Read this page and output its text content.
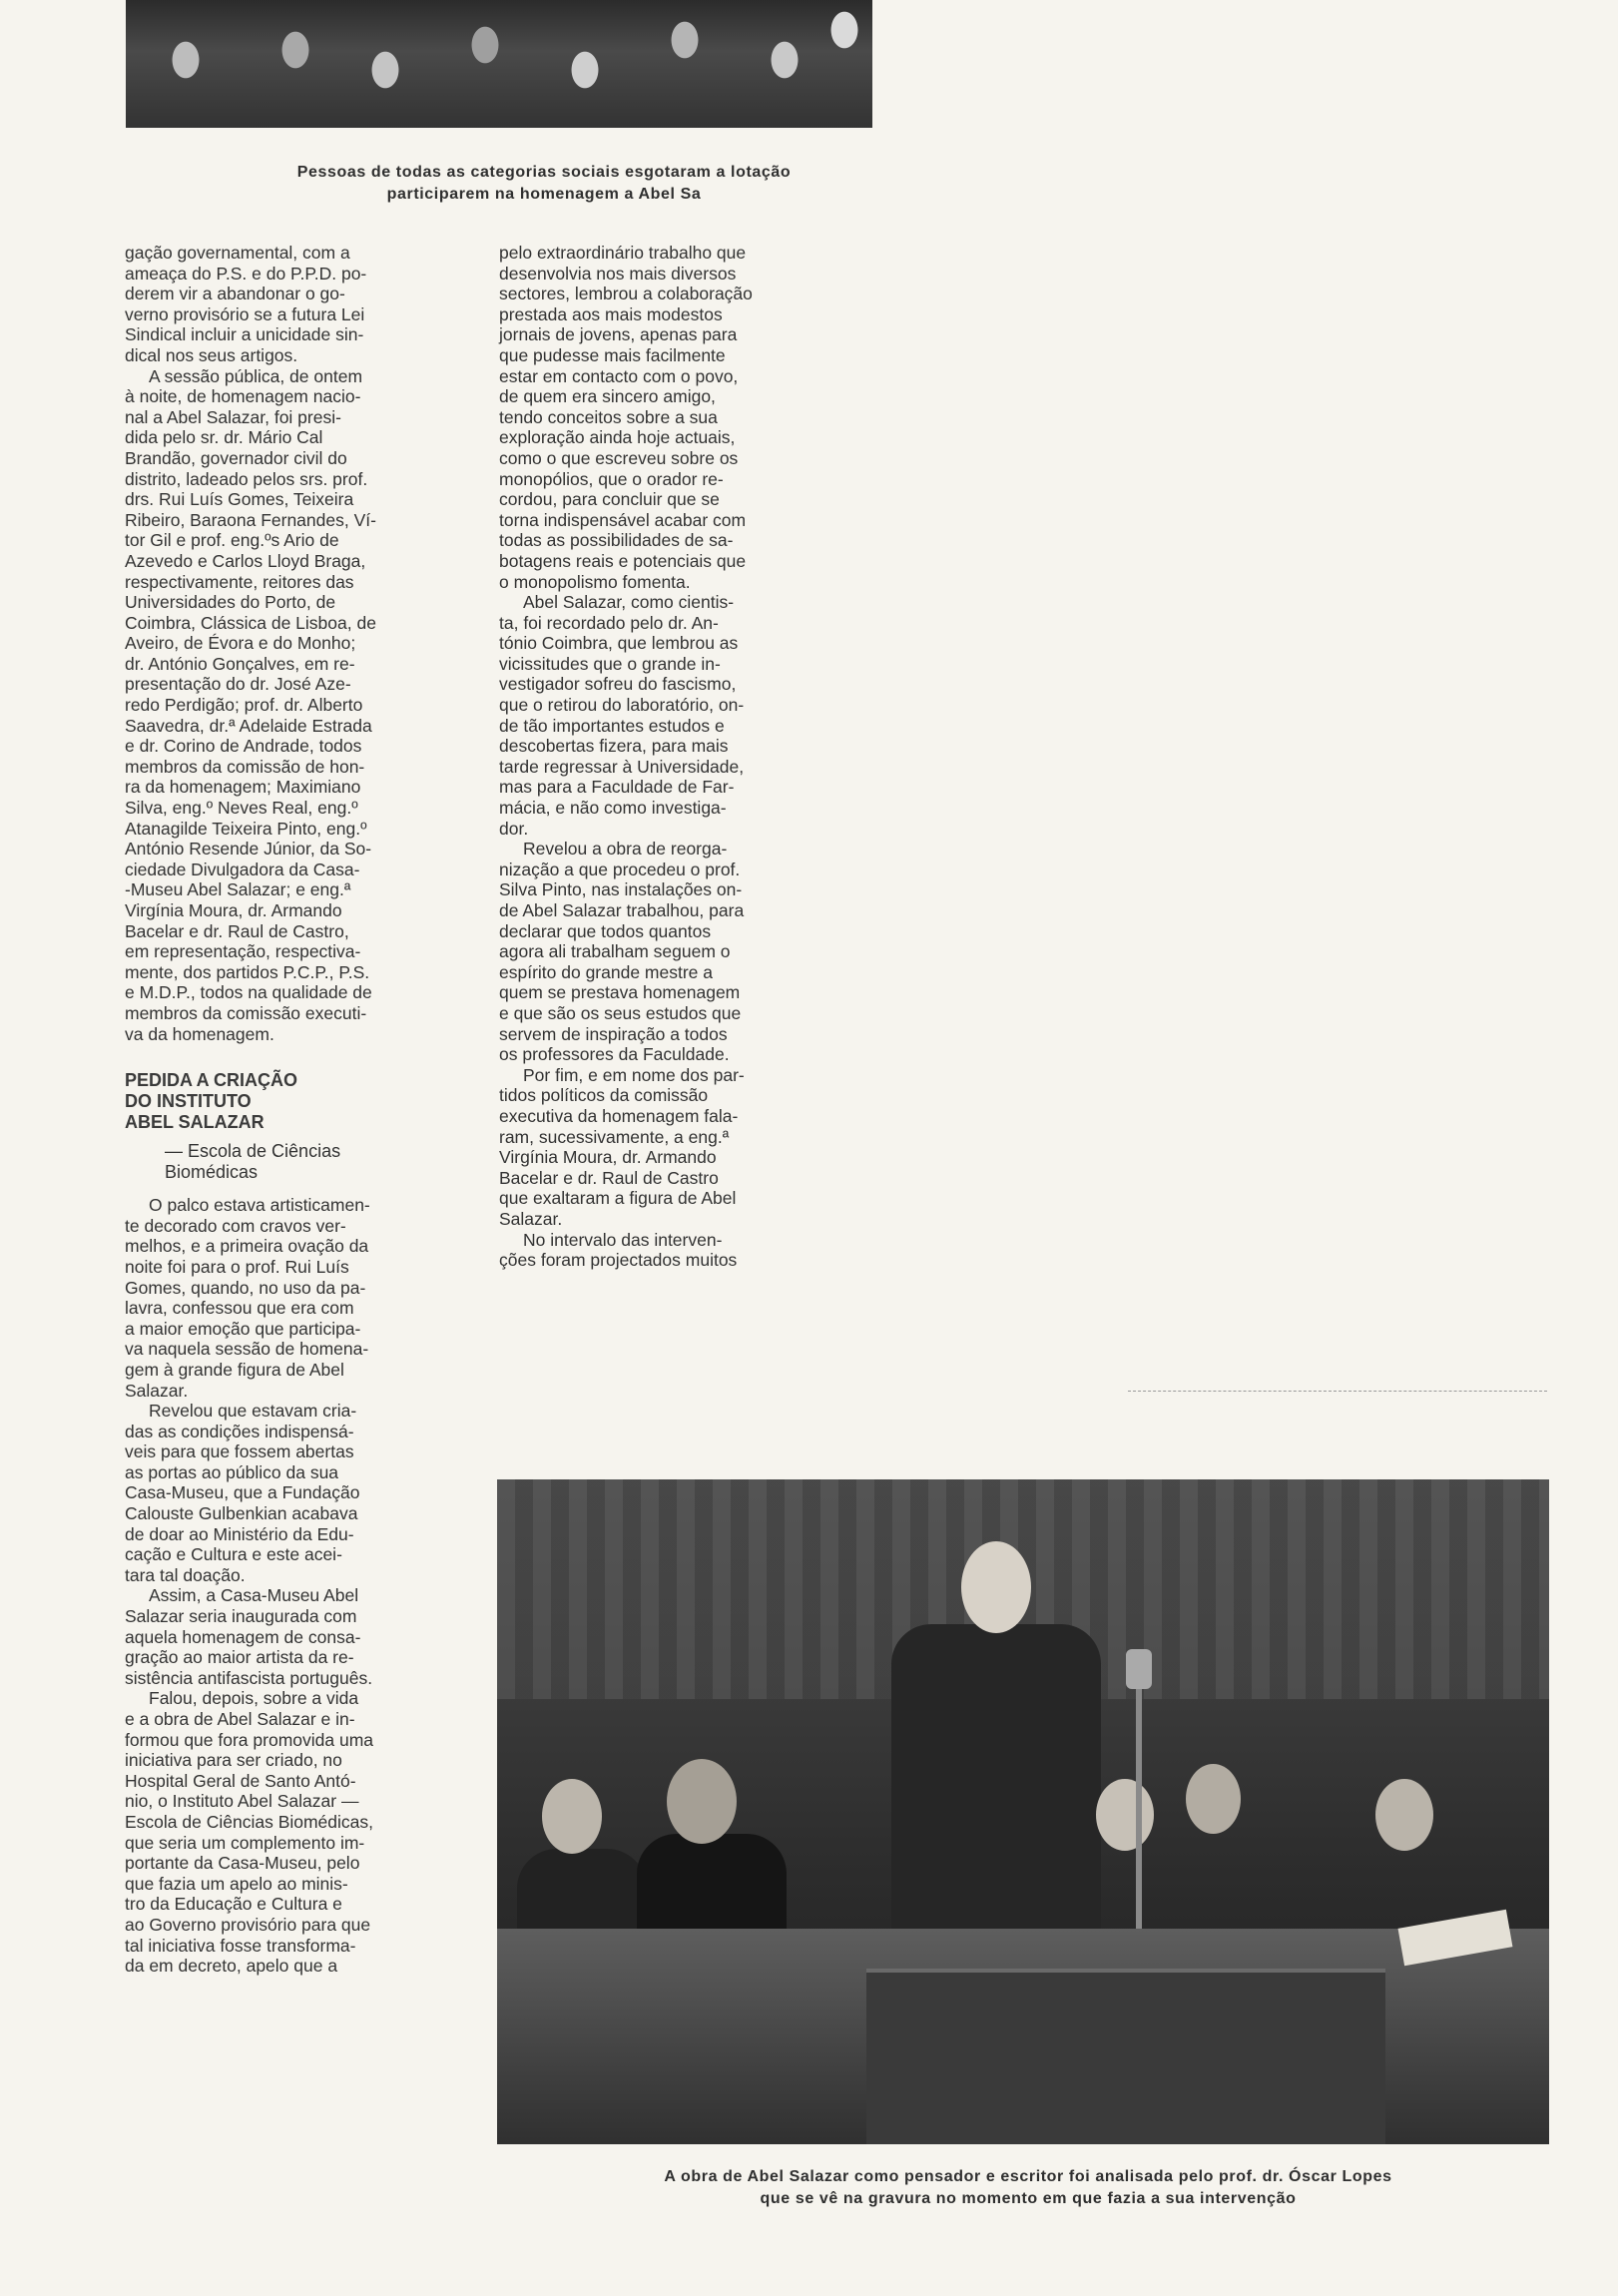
Pessoas de todas as categorias sociais esgotaram a lotação
participarem na homenagem a Abel Sa

gação governamental, com a
ameaça do P.S. e do P.P.D. po-
derem vir a abandonar o go-
verno provisório se a futura Lei
Sindical incluir a unicidade sin-
dical nos seus artigos.

A sessão pública, de ontem
à noite, de homenagem nacio-
nal a Abel Salazar, foi presi-
dida pelo sr. dr. Mário Cal
Brandão, governador civil do
distrito, ladeado pelos srs. prof.
drs. Rui Luís Gomes, Teixeira
Ribeiro, Baraona Fernandes, Ví-
tor Gil e prof. eng.ºs Ario de
Azevedo e Carlos Lloyd Braga,
respectivamente, reitores das
Universidades do Porto, de
Coimbra, Clássica de Lisboa, de
Aveiro, de Évora e do Monho;
dr. António Gonçalves, em re-
presentação do dr. José Aze-
redo Perdigão; prof. dr. Alberto
Saavedra, dr.ª Adelaide Estrada
e dr. Corino de Andrade, todos
membros da comissão de hon-
ra da homenagem; Maximiano
Silva, eng.º Neves Real, eng.º
Atanagilde Teixeira Pinto, eng.º
António Resende Júnior, da So-
ciedade Divulgadora da Casa-
-Museu Abel Salazar; e eng.ª
Virgínia Moura, dr. Armando
Bacelar e dr. Raul de Castro,
em representação, respectiva-
mente, dos partidos P.C.P., P.S.
e M.D.P., todos na qualidade de
membros da comissão executi-
va da homenagem.

PEDIDA A CRIAÇÃO
DO INSTITUTO
ABEL SALAZAR
— Escola de Ciências
Biomédicas

O palco estava artisticamen-
te decorado com cravos ver-
melhos, e a primeira ovação da
noite foi para o prof. Rui Luís
Gomes, quando, no uso da pa-
lavra, confessou que era com
a maior emoção que participa-
va naquela sessão de homena-
gem à grande figura de Abel
Salazar.

Revelou que estavam cria-
das as condições indispensá-
veis para que fossem abertas
as portas ao público da sua
Casa-Museu, que a Fundação
Calouste Gulbenkian acabava
de doar ao Ministério da Edu-
cação e Cultura e este acei-
tara tal doação.

Assim, a Casa-Museu Abel
Salazar seria inaugurada com
aquela homenagem de consa-
gração ao maior artista da re-
sistência antifascista português.

Falou, depois, sobre a vida
e a obra de Abel Salazar e in-
formou que fora promovida uma
iniciativa para ser criado, no
Hospital Geral de Santo Antó-
nio, o Instituto Abel Salazar —
Escola de Ciências Biomédicas,
que seria um complemento im-
portante da Casa-Museu, pelo
que fazia um apelo ao minis-
tro da Educação e Cultura e
ao Governo provisório para que
tal iniciativa fosse transforma-
da em decreto, apelo que a

pelo extraordinário trabalho que
desenvolvia nos mais diversos
sectores, lembrou a colaboração
prestada aos mais modestos
jornais de jovens, apenas para
que pudesse mais facilmente
estar em contacto com o povo,
de quem era sincero amigo,
tendo conceitos sobre a sua
exploração ainda hoje actuais,
como o que escreveu sobre os
monopólios, que o orador re-
cordou, para concluir que se
torna indispensável acabar com
todas as possibilidades de sa-
botagens reais e potenciais que
o monopolismo fomenta.

Abel Salazar, como cientis-
ta, foi recordado pelo dr. An-
tónio Coimbra, que lembrou as
vicissitudes que o grande in-
vestigador sofreu do fascismo,
que o retirou do laboratório, on-
de tão importantes estudos e
descobertas fizera, para mais
tarde regressar à Universidade,
mas para a Faculdade de Far-
mácia, e não como investiga-
dor.

Revelou a obra de reorga-
nização a que procedeu o prof.
Silva Pinto, nas instalações on-
de Abel Salazar trabalhou, para
declarar que todos quantos
agora ali trabalham seguem o
espírito do grande mestre a
quem se prestava homenagem
e que são os seus estudos que
servem de inspiração a todos
os professores da Faculdade.

Por fim, e em nome dos par-
tidos políticos da comissão
executiva da homenagem fala-
ram, sucessivamente, a eng.ª
Virgínia Moura, dr. Armando
Bacelar e dr. Raul de Castro
que exaltaram a figura de Abel
Salazar.

No intervalo das interven-
ções foram projectados muitos

A obra de Abel Salazar como pensador e escritor foi analisada pelo prof. dr. Óscar Lopes
que se vê na gravura no momento em que fazia a sua intervenção
